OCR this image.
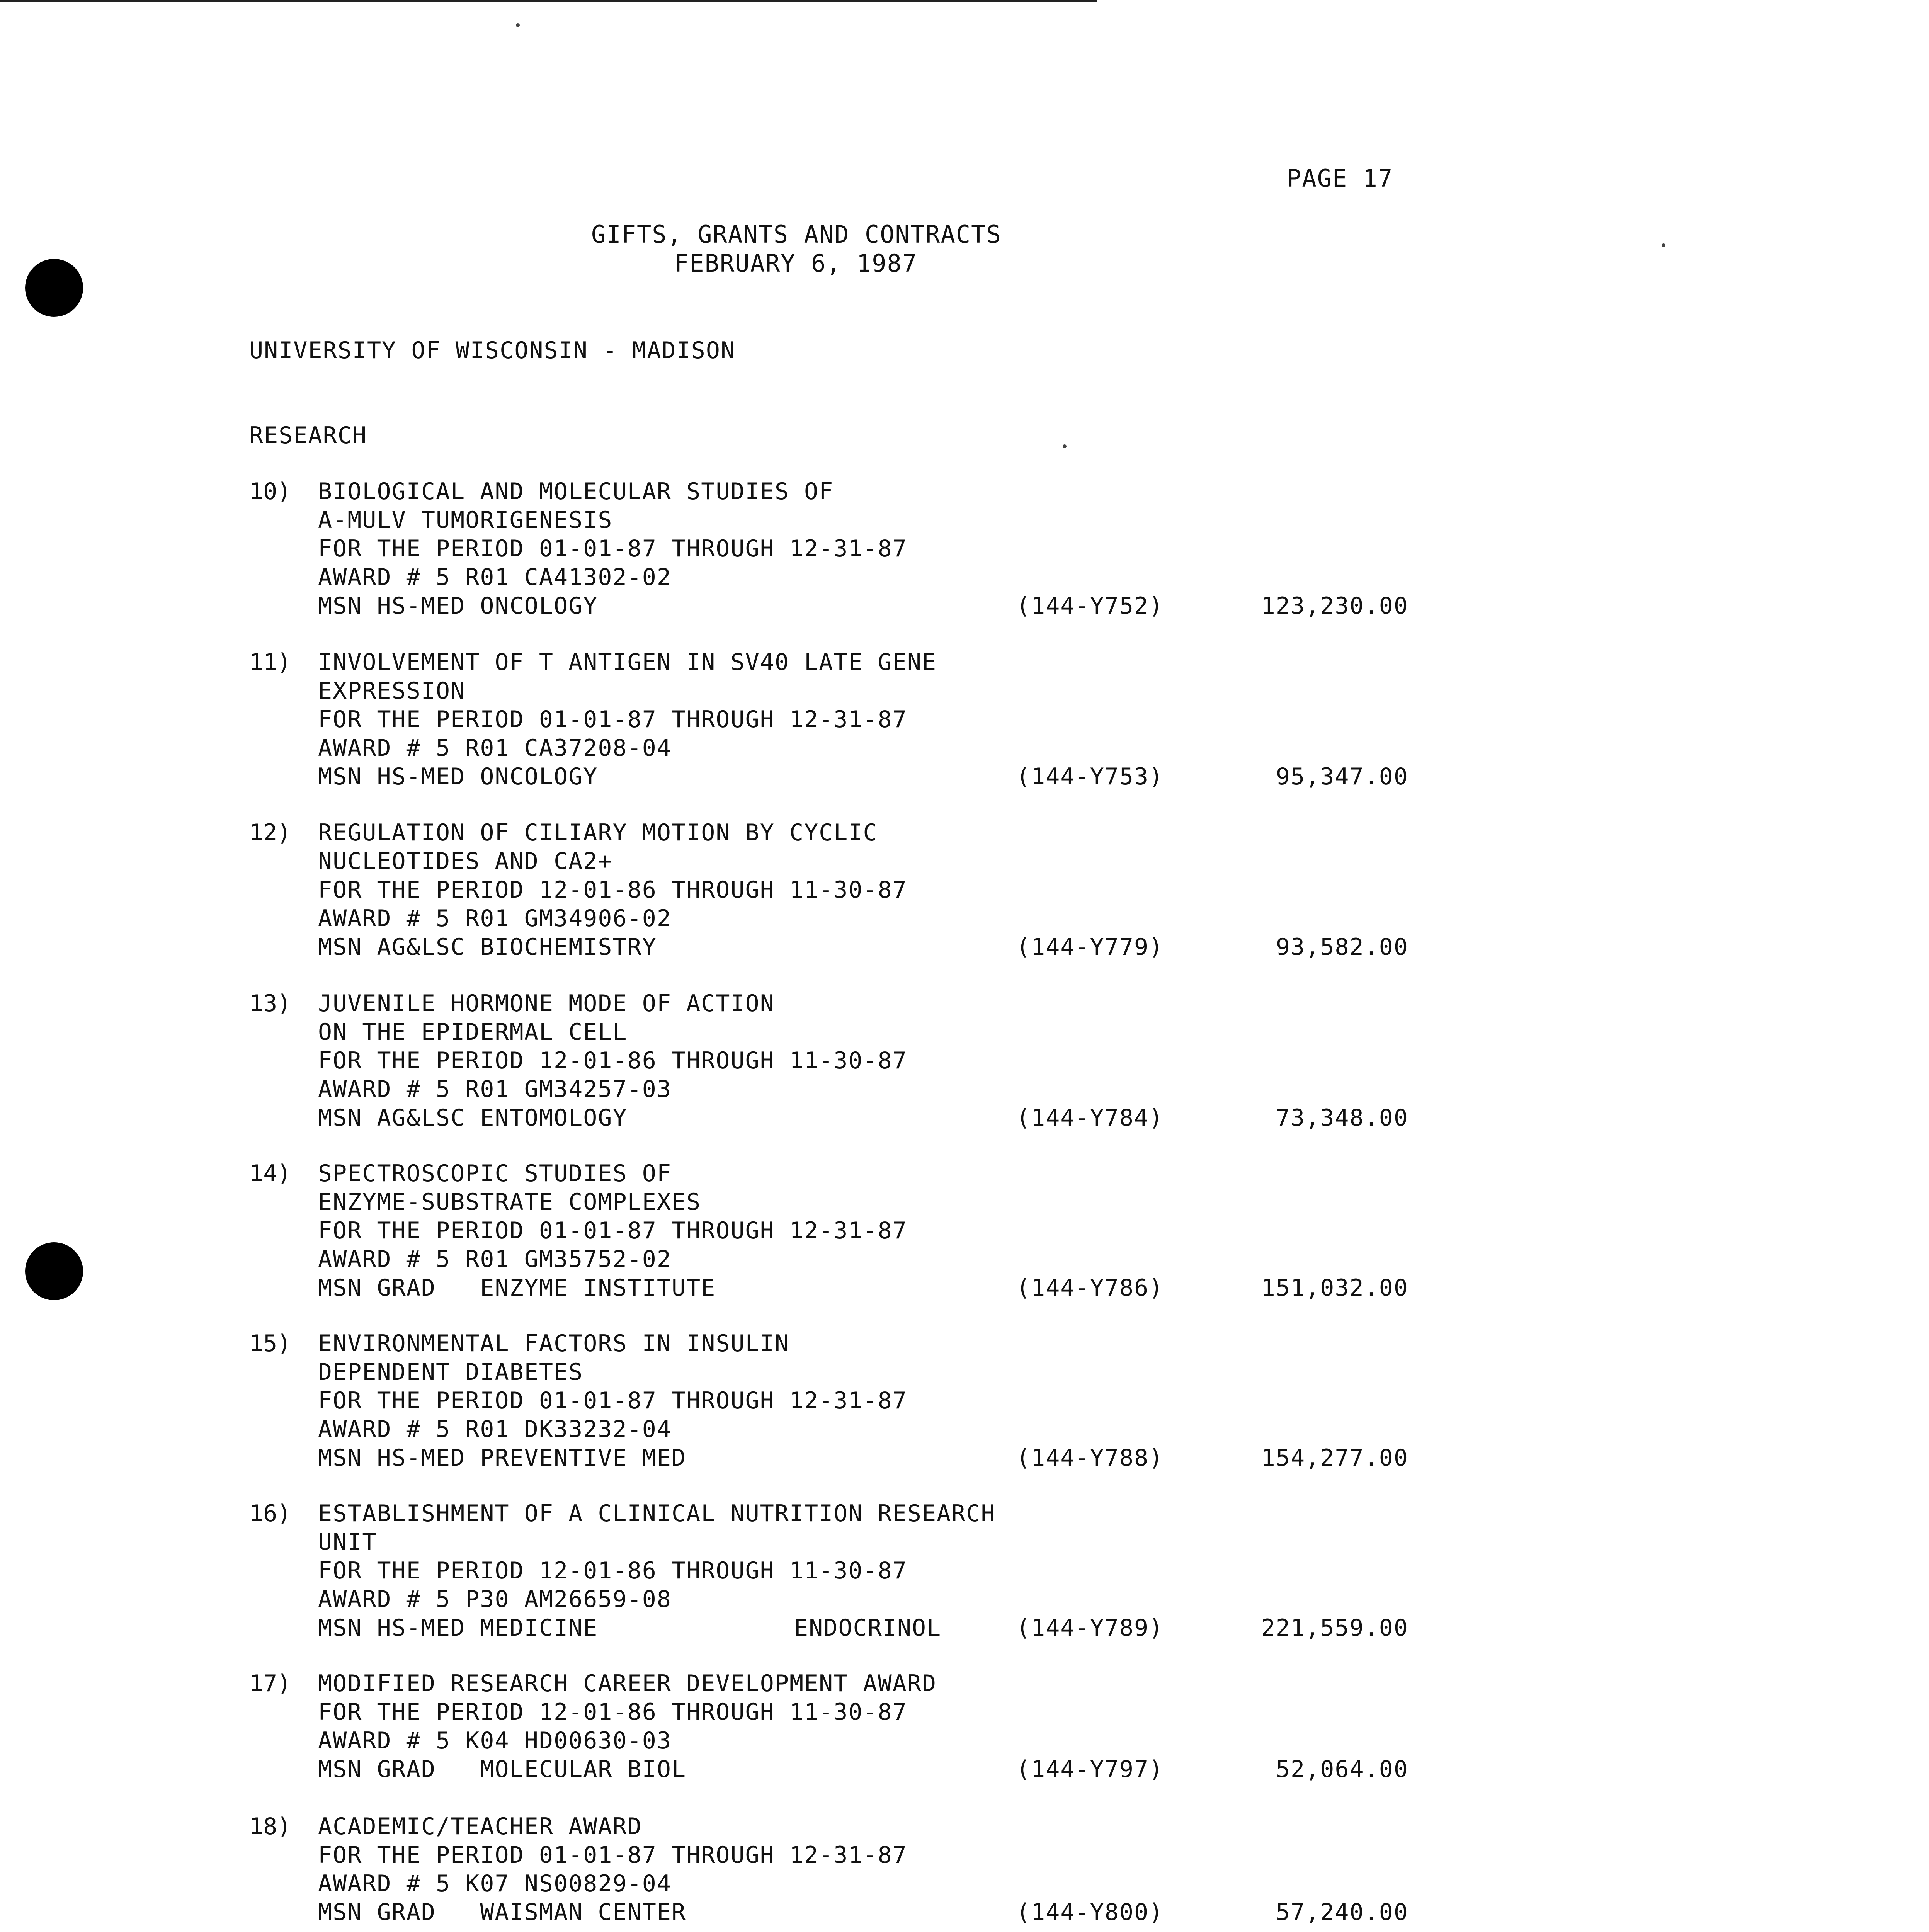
PAGE 17
GIFTS, GRANTS AND CONTRACTS
FEBRUARY 6, 1987
UNIVERSITY OF WISCONSIN - MADISON
RESEARCH
10) BIOLOGICAL AND MOLECULAR STUDIES OF
A-MULV TUMORIGENESIS
FOR THE PERIOD 01-01-87 THROUGH 12-31-87
AWARD # 5 R01 CA41302-02
MSN HS-MED ONCOLOGY	(144-Y752)	123,230.00
11) INVOLVEMENT OF T ANTIGEN IN SV40 LATE GENE
EXPRESSION
FOR THE PERIOD 01-01-87 THROUGH 12-31-87
AWARD # 5 R01 CA37208-04
MSN HS-MED ONCOLOGY	(144-Y753)	95,347.00
12) REGULATION OF CILIARY MOTION BY CYCLIC
NUCLEOTIDES AND CA2+
FOR THE PERIOD 12-01-86 THROUGH 11-30-87
AWARD # 5 R01 GM34906-02
MSN AG&LSC BIOCHEMISTRY	(144-Y779)	93,582.00
13) JUVENILE HORMONE MODE OF ACTION
ON THE EPIDERMAL CELL
FOR THE PERIOD 12-01-86 THROUGH 11-30-87
AWARD # 5 R01 GM34257-03
MSN AG&LSC ENTOMOLOGY	(144-Y784)	73,348.00
14) SPECTROSCOPIC STUDIES OF
ENZYME-SUBSTRATE COMPLEXES
FOR THE PERIOD 01-01-87 THROUGH 12-31-87
AWARD # 5 R01 GM35752-02
MSN GRAD   ENZYME INSTITUTE	(144-Y786)	151,032.00
15) ENVIRONMENTAL FACTORS IN INSULIN
DEPENDENT DIABETES
FOR THE PERIOD 01-01-87 THROUGH 12-31-87
AWARD # 5 R01 DK33232-04
MSN HS-MED PREVENTIVE MED	(144-Y788)	154,277.00
16) ESTABLISHMENT OF A CLINICAL NUTRITION RESEARCH
UNIT
FOR THE PERIOD 12-01-86 THROUGH 11-30-87
AWARD # 5 P30 AM26659-08
MSN HS-MED MEDICINE	ENDOCRINOL	(144-Y789)	221,559.00
17) MODIFIED RESEARCH CAREER DEVELOPMENT AWARD
FOR THE PERIOD 12-01-86 THROUGH 11-30-87
AWARD # 5 K04 HD00630-03
MSN GRAD   MOLECULAR BIOL	(144-Y797)	52,064.00
18) ACADEMIC/TEACHER AWARD
FOR THE PERIOD 01-01-87 THROUGH 12-31-87
AWARD # 5 K07 NS00829-04
MSN GRAD   WAISMAN CENTER	(144-Y800)	57,240.00
